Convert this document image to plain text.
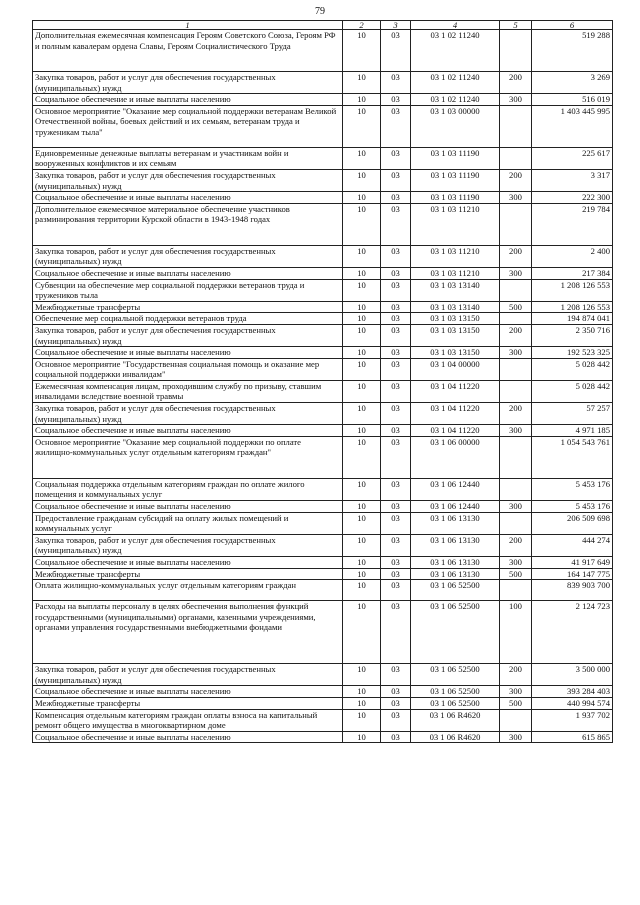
79
1	2	3	4	5	6
Дополнительная ежемесячная компенсация Героям Советского Союза, Героям РФ и полным кавалерам ордена Славы, Героям Социалистического Труда	10	03	03 1 02 11240		519 288
Закупка товаров, работ и услуг для обеспечения государственных (муниципальных) нужд	10	03	03 1 02 11240	200	3 269
Социальное обеспечение и иные выплаты населению	10	03	03 1 02 11240	300	516 019
Основное мероприятие "Оказание мер социальной поддержки ветеранам Великой Отечественной войны, боевых действий и их семьям, ветеранам труда и труженикам тыла"	10	03	03 1 03 00000		1 403 445 995
Единовременные денежные выплаты ветеранам и участникам войн и вооруженных конфликтов и их семьям	10	03	03 1 03 11190		225 617
Закупка товаров, работ и услуг для обеспечения государственных (муниципальных) нужд	10	03	03 1 03 11190	200	3 317
Социальное обеспечение и иные выплаты населению	10	03	03 1 03 11190	300	222 300
Дополнительное ежемесячное материальное обеспечение участников разминирования территории Курской области в 1943-1948 годах	10	03	03 1 03 11210		219 784
Закупка товаров, работ и услуг для обеспечения государственных (муниципальных) нужд	10	03	03 1 03 11210	200	2 400
Социальное обеспечение и иные выплаты населению	10	03	03 1 03 11210	300	217 384
Субвенции на обеспечение мер социальной поддержки ветеранов труда и тружеников тыла	10	03	03 1 03 13140		1 208 126 553
Межбюджетные трансферты	10	03	03 1 03 13140	500	1 208 126 553
Обеспечение мер социальной поддержки ветеранов труда	10	03	03 1 03 13150		194 874 041
Закупка товаров, работ и услуг для обеспечения государственных (муниципальных) нужд	10	03	03 1 03 13150	200	2 350 716
Социальное обеспечение и иные выплаты населению	10	03	03 1 03 13150	300	192 523 325
Основное мероприятие "Государственная социальная помощь и оказание мер социальной поддержки инвалидам"	10	03	03 1 04 00000		5 028 442
Ежемесячная компенсация лицам, проходившим службу по призыву, ставшим инвалидами вследствие военной травмы	10	03	03 1 04 11220		5 028 442
Закупка товаров, работ и услуг для обеспечения государственных (муниципальных) нужд	10	03	03 1 04 11220	200	57 257
Социальное обеспечение и иные выплаты населению	10	03	03 1 04 11220	300	4 971 185
Основное мероприятие "Оказание мер социальной поддержки по оплате жилищно-коммунальных услуг отдельным категориям граждан"	10	03	03 1 06 00000		1 054 543 761
Социальная поддержка отдельным категориям граждан по оплате жилого помещения и коммунальных услуг	10	03	03 1 06 12440		5 453 176
Социальное обеспечение и иные выплаты населению	10	03	03 1 06 12440	300	5 453 176
Предоставление гражданам субсидий на оплату жилых помещений и коммунальных услуг	10	03	03 1 06 13130		206 509 698
Закупка товаров, работ и услуг для обеспечения государственных (муниципальных) нужд	10	03	03 1 06 13130	200	444 274
Социальное обеспечение и иные выплаты населению	10	03	03 1 06 13130	300	41 917 649
Межбюджетные трансферты	10	03	03 1 06 13130	500	164 147 775
Оплата жилищно-коммунальных услуг отдельным категориям граждан	10	03	03 1 06 52500		839 903 700
Расходы на выплаты персоналу в целях обеспечения выполнения функций государственными (муниципальными) органами, казенными учреждениями, органами управления государственными внебюджетными фондами	10	03	03 1 06 52500	100	2 124 723
Закупка товаров, работ и услуг для обеспечения государственных (муниципальных) нужд	10	03	03 1 06 52500	200	3 500 000
Социальное обеспечение и иные выплаты населению	10	03	03 1 06 52500	300	393 284 403
Межбюджетные трансферты	10	03	03 1 06 52500	500	440 994 574
Компенсация отдельным категориям граждан оплаты взноса на капитальный ремонт общего имущества в многоквартирном доме	10	03	03 1 06 R4620		1 937 702
Социальное обеспечение и иные выплаты населению	10	03	03 1 06 R4620	300	615 865
